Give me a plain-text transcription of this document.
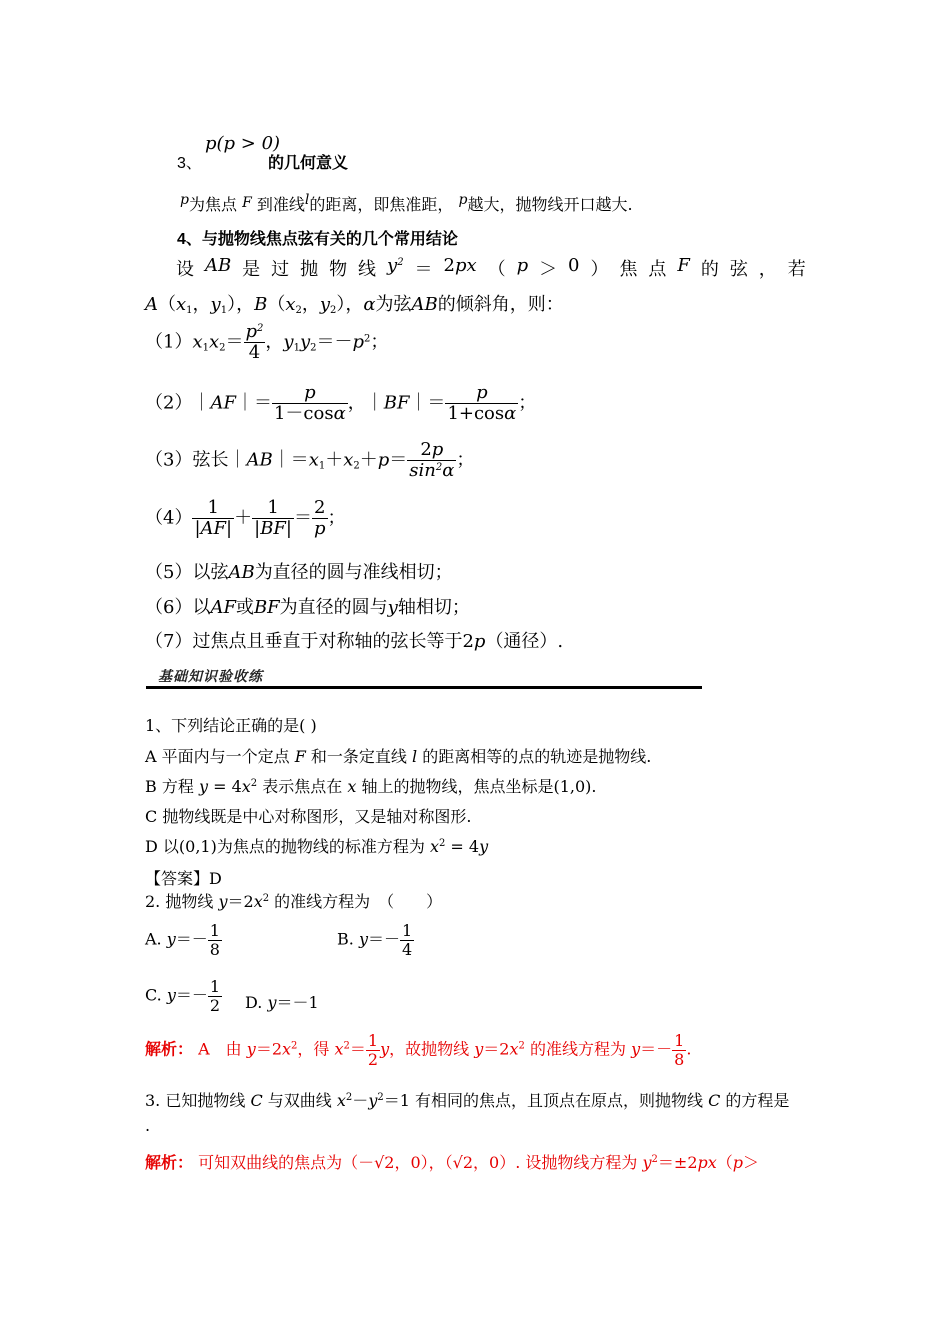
p(p > 0)
3、	的几何意义
p为焦点 F 到准线l的距离，即焦准距， p越大，抛物线开口越大.
4、与抛物线焦点弦有关的几个常用结论
设 AB 是 过 抛 物 线 $y^2 = 2px$ （ p ＞ 0 ） 焦 点 F 的 弦 ， 若
$A(x_1$，$y_1$），$B(x_2$，$y_2$），α为弦AB的倾斜角，则：
$(1)x_1x_2= \frac{p^2}{4}$ ，$y_1y_2=-p^2$；
（2）｜AF｜＝ $\frac{p}{1-\cos\alpha}$ ，｜BF｜＝ $\frac{p}{1+\cos\alpha}$ ；
（3）弦长$|AB|=x_1+x_2+p= \frac{2p}{\sin^2\alpha}$ ；
$(4) \frac{1}{|AF|} + \frac{1}{|BF|} = \frac{2}{p}$ ；
（5）以弦AB为直径的圆与准线相切；
（6）以AF或BF为直径的圆与y轴相切；
（7）过焦点且垂直于对称轴的弦长等于2p（通径）.
基础知识验收练
1、下列结论正确的是( )
A 平面内与一个定点 F 和一条定直线 l 的距离相等的点的轨迹是抛物线.
B 方程 $y = 4x^2$ 表示焦点在 x 轴上的抛物线，焦点坐标是(1,0).
C 抛物线既是中心对称图形，又是轴对称图形.
D 以(0,1)为焦点的抛物线的标准方程为 $x^2 = 4y$
【答案】D
2. 抛物线 $y=2x^2$ 的准线方程为　（　　）
A. $y=- \frac{1}{8}$	B. $y=- \frac{1}{4}$
C. $y=- \frac{1}{2} D$. y＝－1
解析： A　由 $y=2x^2$，得 $x^2= \frac{1}{2}$ y，故抛物线 $y=2x^2$ 的准线方程为 $y=- \frac{1}{8}$ .
3. 已知抛物线 C 与双曲线 $x^2-y^2=1$ 有相同的焦点，且顶点在原点，则抛物线 C 的方程是
.
解析： 可知双曲线的焦点为（－√2，0），（√2，0）. 设抛物线方程为 $y^2=\pm 2px(p>$
